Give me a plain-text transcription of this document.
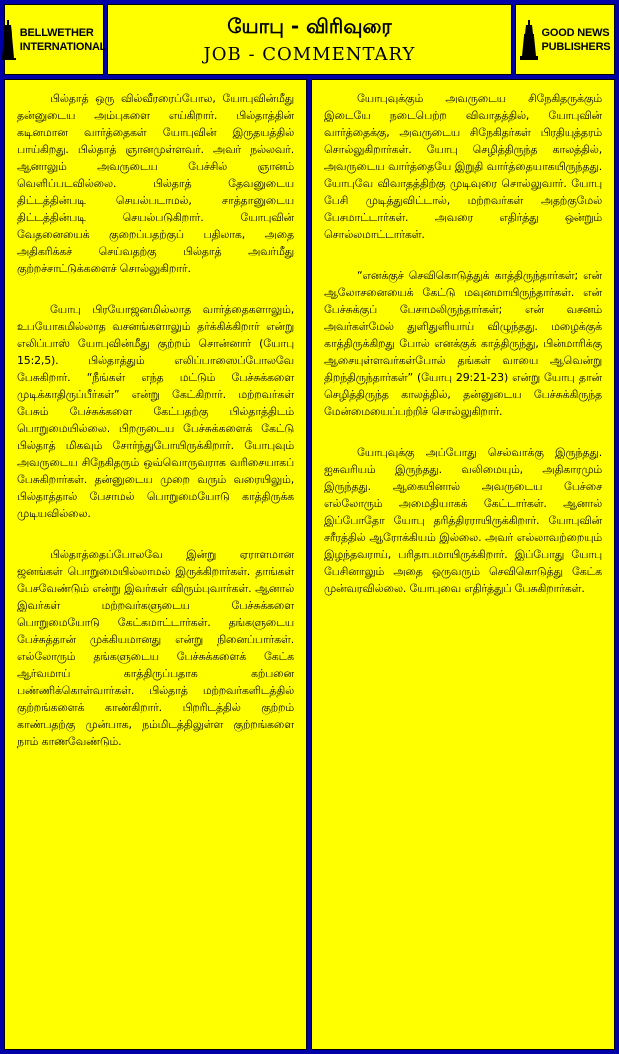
BELLWETHER
INTERNATIONAL
யோபு - விரிவுரை
JOB - COMMENTARY
GOOD NEWS
PUBLISHERS

பில்தாத் ஒரு வில்வீரரைப்போல, யோபுவின்மீது தன்னுடைய அம்புகளை எய்கிறார். பில்தாத்தின் கடினமான வார்த்தைகள் யோபுவின் இருதயத்தில் பாய்கிறது. பில்தாத் ஞானமுள்ளவர். அவர் நல்லவர். ஆனாலும் அவருடைய பேச்சில் ஞானம் வெளிப்படவில்லை. பில்தாத் தேவனுடைய திட்டத்தின்படி செயல்படாமல், சாத்தானுடைய திட்டத்தின்படி செயல்படுகிறார். யோபுவின் வேதனையைக் குறைப்பதற்குப் பதிலாக, அதை அதிகரிக்கச் செய்வதற்கு பில்தாத் அவர்மீது குற்றச்சாட்டுக்களைச் சொல்லுகிறார்.

யோபு பிரயோஜனமில்லாத வார்த்தைகளாலும், உபயோகமில்லாத வசனங்களாலும் தர்க்கிக்கிறார் என்று எலிப்பாஸ் யோபுவின்மீது குற்றம் சொன்னார் (யோபு 15:2,5). பில்தாத்தும் எலிப்பாஸைப்போலவே பேசுகிறார். “நீங்கள் எந்த மட்டும் பேச்சுக்களை முடிக்காதிருப்பீர்கள்” என்று கேட்கிறார். மற்றவர்கள் பேசும் பேச்சுக்களை கேட்பதற்கு பில்தாத்திடம் பொறுமையில்லை. பிறருடைய பேச்சுக்களைக் கேட்டு பில்தாத் மிகவும் சோர்ந்துபோயிருக்கிறார். யோபுவும் அவருடைய சிநேகிதரும் ஒவ்வொருவராக வரிசையாகப் பேசுகிறார்கள். தன்னுடைய முறை வரும் வரையிலும், பில்தாத்தால் பேசாமல் பொறுமையோடு காத்திருக்க முடியவில்லை.

பில்தாத்தைப்போலவே இன்று ஏராளமான ஜனங்கள் பொறுமையில்லாமல் இருக்கிறார்கள். தாங்கள் பேசவேண்டும் என்று இவர்கள் விரும்புவார்கள். ஆனால் இவர்கள் மற்றவர்களுடைய பேச்சுக்களை பொறுமையோடு கேட்கமாட்டார்கள். தங்களுடைய பேச்சுத்தான் முக்கியமானது என்று நினைப்பார்கள். எல்லோரும் தங்களுடைய பேச்சுக்களைக் கேட்க ஆர்வமாய் காத்திருப்பதாக கற்பனை பண்ணிக்கொள்வார்கள். பில்தாத் மற்றவர்களிடத்தில் குற்றங்களைக் காண்கிறார். பிறரிடத்தில் குற்றம் காண்பதற்கு முன்பாக, நம்மிடத்திலுள்ள குற்றங்களை நாம் காணவேண்டும்.

யோபுவுக்கும் அவருடைய சிநேகிதருக்கும் இடையே நடைபெற்ற விவாதத்தில், யோபுவின் வார்த்தைக்கு, அவருடைய சிநேகிதர்கள் பிரதியுத்தரம் சொல்லுகிறார்கள். யோபு செழித்திருந்த காலத்தில், அவருடைய வார்த்தையே இறுதி வார்த்தையாகயிருந்தது. யோபுவே விவாதத்திற்கு முடிவுரை சொல்லுவார். யோபு பேசி முடித்துவிட்டால், மற்றவர்கள் அதற்குமேல் பேசமாட்டார்கள். அவரை எதிர்த்து ஒன்றும் சொல்லமாட்டார்கள்.

“எனக்குச் செவிகொடுத்துக் காத்திருந்தார்கள்; என் ஆலோசனையைக் கேட்டு மவுனமாயிருந்தார்கள். என் பேச்சுக்குப் பேசாமலிருந்தார்கள்; என் வசனம் அவர்கள்மேல் துளிதுளியாய் விழுந்தது. மழைக்குக் காத்திருக்கிறது போல் எனக்குக் காத்திருந்து, பின்மாரிக்கு ஆசையுள்ளவர்கள்போல் தங்கள் வாயை ஆவென்று திறந்திருந்தார்கள்” (யோபு 29:21-23) என்று யோபு தான் செழித்திருந்த காலத்தில், தன்னுடைய பேச்சுக்கிருந்த மேன்மையைப்பற்றிச் சொல்லுகிறார்.

யோபுவுக்கு அப்போது செல்வாக்கு இருந்தது. ஐசுவரியம் இருந்தது. வலிமையும், அதிகாரமும் இருந்தது. ஆகையினால் அவருடைய பேச்சை எல்லோரும் அமைதியாகக் கேட்டார்கள். ஆனால் இப்போதோ யோபு தரித்திரராயிருக்கிறார். யோபுவின் சரீரத்தில் ஆரோக்கியம் இல்லை. அவர் எல்லாவற்றையும் இழந்தவராய், பரிதாபமாயிருக்கிறார். இப்போது யோபு பேசினாலும் அதை ஒருவரும் செவிகொடுத்து கேட்க முன்வரவில்லை. யோபுவை எதிர்த்துப் பேசுகிறார்கள்.
